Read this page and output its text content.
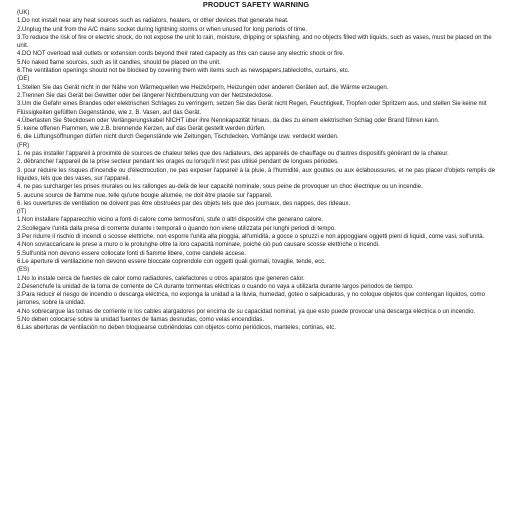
PRODUCT SAFETY WARNING
(UK)
1.Do not install near any heat sources such as radiators, heaters, or other devices that generate heat.
2.Unplug the unit from the A/C mains socket during lightning storms or when unused for long periods of time.
3.To reduce the risk of fire or electric shock, do not expose the unit to rain, moisture, dripping or splashing, and no objects filled with liquids, such as vases, must be placed on the unit.
4.DO NOT overload wall outlets or extension cords beyond their rated capacity as this can cause any electric shock or fire.
5.No naked flame sources, such as lit candles, should be placed on the unit.
6.The ventilation openings should not be blocked by covering them with items such as newspapers,tablecloths, curtains, etc.
(DE)
1.Stellen Sie das Gerät nicht in der Nähe von Wärmequellen wie Heizkörpern, Heizungen oder anderen Geräten auf, die Wärme erzeugen.
2.Trennen Sie das Gerät bei Gewitter oder bei längerer Nichtbenutzung von der Netzsteckdose.
3.Um die Gefahr eines Brandes oder elektrischen Schlages zu verringern, setzen Sie das Gerät nicht Regen, Feuchtigkeit, Tropfen oder Spritzern aus, und stellen Sie keine mit Flüssigkeiten gefüllten Gegenstände, wie z. B. Vasen, auf das Gerät.
4.Überlasten Sie Steckdosen oder Verlängerungskabel NICHT über ihre Nennkapazität hinaus, da dies zu einem elektrischen Schlag oder Brand führen kann.
5. keine offenen Flammen, wie z.B. brennende Kerzen, auf das Gerät gestellt werden dürfen.
6. die Lüftungsöffnungen dürfen nicht durch Gegenstände wie Zeitungen, Tischdecken, Vorhänge usw. verdeckt werden.
(FR)
1. ne pas installer l'appareil à proximité de sources de chaleur telles que des radiateurs, des appareils de chauffage ou d'autres dispositifs générant de la chaleur.
2. débrancher l'appareil de la prise secteur pendant les orages ou lorsqu'il n'est pas utilisé pendant de longues périodes.
3. pour réduire les risques d'incendie ou d'électrocution, ne pas exposer l'appareil à la pluie, à l'humidité, aux gouttes ou aux éclaboussures, et ne pas placer d'objets remplis de liquides, tels que des vases, sur l'appareil.
4. ne pas surcharger les prises murales ou les rallonges au-delà de leur capacité nominale, sous peine de provoquer un choc électrique ou un incendie.
5. aucune source de flamme nue, telle qu'une bougie allumée, ne doit être placée sur l'appareil.
6. les ouvertures de ventilation ne doivent pas être obstruées par des objets tels que des journaux, des nappes, des rideaux.
(IT)
1.Non installare l'apparecchio vicino a fonti di calore come termosifoni, stufe o altri dispositivi che generano calore.
2.Scollegare l'unità dalla presa di corrente durante i temporali o quando non viene utilizzata per lunghi periodi di tempo.
3.Per ridurre il rischio di incendi o scosse elettriche, non esporre l'unità alla pioggia, all'umidità, a gocce o spruzzi e non appoggiare oggetti pieni di liquidi, come vasi, sull'unità.
4.Non sovraccaricare le prese a muro o le prolunghe oltre la loro capacità nominale, poiché ciò può causare scosse elettriche o incendi.
5.Sull'unità non devono essere collocate fonti di fiamme libere, come candele accese.
6.Le aperture di ventilazione non devono essere bloccate coprendole con oggetti quali giornali, tovaglie, tende, ecc.
(ES)
1.No lo instale cerca de fuentes de calor como radiadores, calefactores u otros aparatos que generen calor.
2.Desenchufe la unidad de la toma de corriente de CA durante tormentas eléctricas o cuando no vaya a utilizarla durante largos periodos de tiempo.
3.Para reducir el riesgo de incendio o descarga eléctrica, no exponga la unidad a la lluvia, humedad, goteo o salpicaduras, y no coloque objetos que contengan líquidos, como jarrones, sobre la unidad.
4.No sobrecargue las tomas de corriente ni los cables alargadores por encima de su capacidad nominal, ya que esto puede provocar una descarga eléctrica o un incendio.
5.No deben colocarse sobre la unidad fuentes de llamas desnudas, como velas encendidas.
6.Las aberturas de ventilación no deben bloquearse cubriéndolas con objetos como periódicos, manteles, cortinas, etc.
